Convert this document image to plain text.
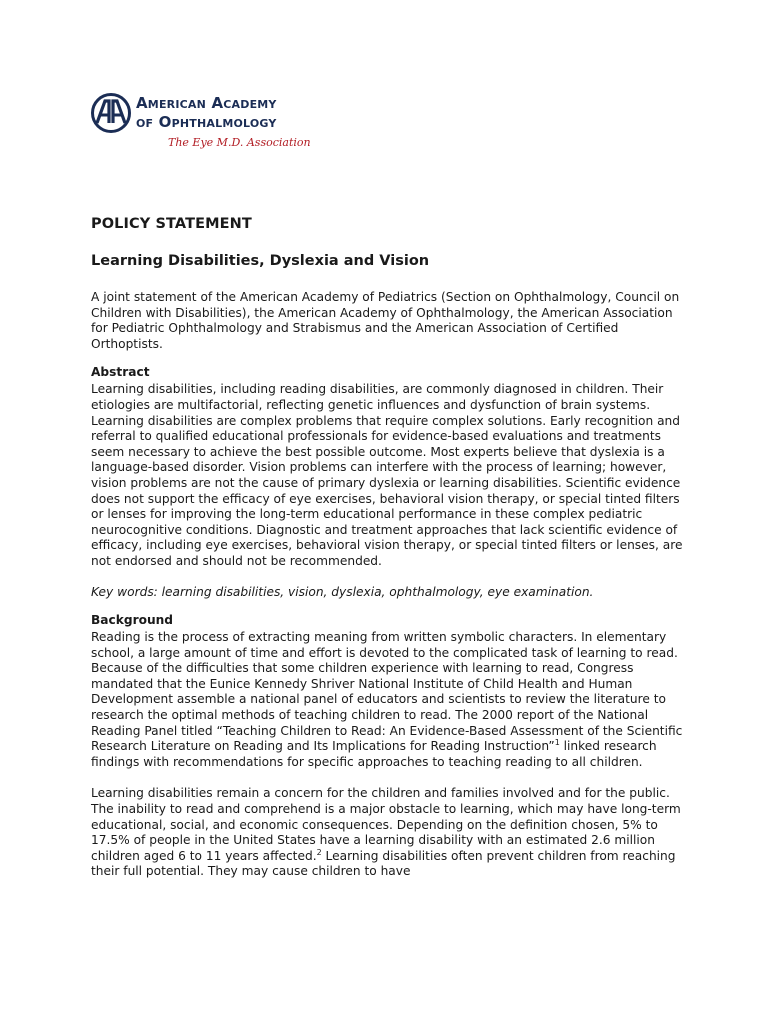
American Academy
of Ophthalmology
The Eye M.D. Association
POLICY STATEMENT
Learning Disabilities, Dyslexia and Vision

A joint statement of the American Academy of Pediatrics (Section on Ophthalmology, Council on Children with Disabilities), the American Academy of Ophthalmology, the American Association for Pediatric Ophthalmology and Strabismus and the American Association of Certified Orthoptists.

Abstract

Learning disabilities, including reading disabilities, are commonly diagnosed in children. Their etiologies are multifactorial, reflecting genetic influences and dysfunction of brain systems. Learning disabilities are complex problems that require complex solutions. Early recognition and referral to qualified educational professionals for evidence-based evaluations and treatments seem necessary to achieve the best possible outcome. Most experts believe that dyslexia is a language-based disorder. Vision problems can interfere with the process of learning; however, vision problems are not the cause of primary dyslexia or learning disabilities. Scientific evidence does not support the efficacy of eye exercises, behavioral vision therapy, or special tinted filters or lenses for improving the long-term educational performance in these complex pediatric neurocognitive conditions. Diagnostic and treatment approaches that lack scientific evidence of efficacy, including eye exercises, behavioral vision therapy, or special tinted filters or lenses, are not endorsed and should not be recommended.

Key words: learning disabilities, vision, dyslexia, ophthalmology, eye examination.

Background

Reading is the process of extracting meaning from written symbolic characters. In elementary school, a large amount of time and effort is devoted to the complicated task of learning to read. Because of the difficulties that some children experience with learning to read, Congress mandated that the Eunice Kennedy Shriver National Institute of Child Health and Human Development assemble a national panel of educators and scientists to review the literature to research the optimal methods of teaching children to read. The 2000 report of the National Reading Panel titled “Teaching Children to Read: An Evidence-Based Assessment of the Scientific Research Literature on Reading and Its Implications for Reading Instruction”$^1$ linked research findings with recommendations for specific approaches to teaching reading to all children.

Learning disabilities remain a concern for the children and families involved and for the public. The inability to read and comprehend is a major obstacle to learning, which may have long-term educational, social, and economic consequences. Depending on the definition chosen, 5% to 17.5% of people in the United States have a learning disability with an estimated 2.6 million children aged 6 to 11 years affected.$^2$ Learning disabilities often prevent children from reaching their full potential. They may cause children to have
